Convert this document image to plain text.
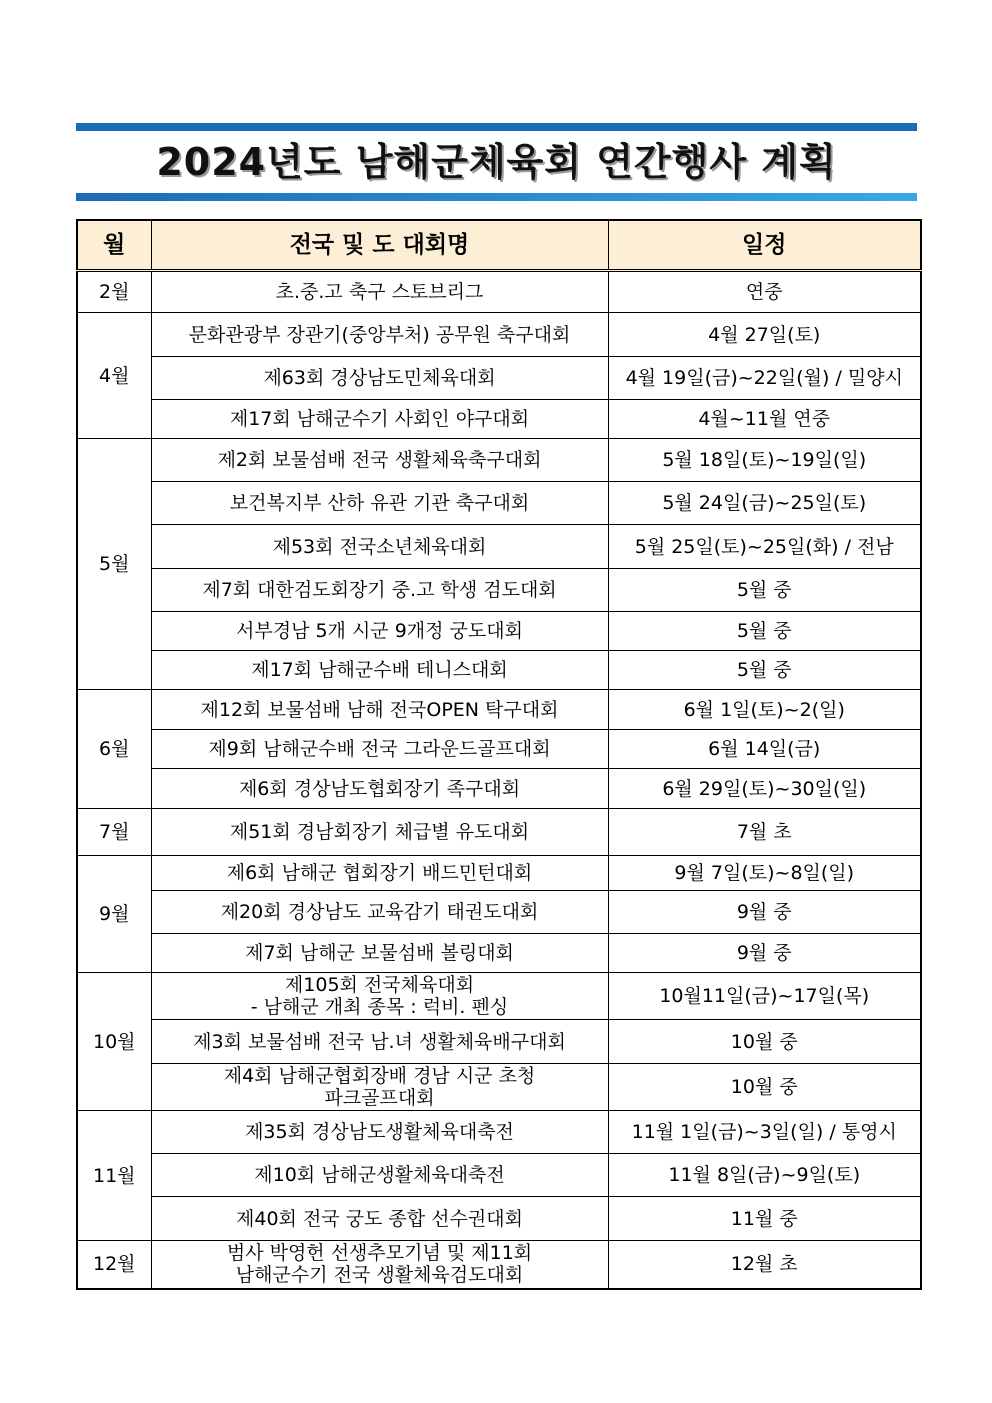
2024년도 남해군체육회 연간행사 계획
월	전국 및 도 대회명	일정
2월	초.중.고 축구 스토브리그	연중
4월	문화관광부 장관기(중앙부처) 공무원 축구대회	4월 27일(토)
	제63회 경상남도민체육대회	4월 19일(금)~22일(월) / 밀양시
	제17회 남해군수기 사회인 야구대회	4월~11월 연중
5월	제2회 보물섬배 전국 생활체육축구대회	5월 18일(토)~19일(일)
	보건복지부 산하 유관 기관 축구대회	5월 24일(금)~25일(토)
	제53회 전국소년체육대회	5월 25일(토)~25일(화) / 전남
	제7회 대한검도회장기 중.고 학생 검도대회	5월 중
	서부경남 5개 시군 9개정 궁도대회	5월 중
	제17회 남해군수배 테니스대회	5월 중
6월	제12회 보물섬배 남해 전국OPEN 탁구대회	6월 1일(토)~2(일)
	제9회 남해군수배 전국 그라운드골프대회	6월 14일(금)
	제6회 경상남도협회장기 족구대회	6월 29일(토)~30일(일)
7월	제51회 경남회장기 체급별 유도대회	7월 초
9월	제6회 남해군 협회장기 배드민턴대회	9월 7일(토)~8일(일)
	제20회 경상남도 교육감기 태권도대회	9월 중
	제7회 남해군 보물섬배 볼링대회	9월 중
10월	제105회 전국체육대회
- 남해군 개최 종목 : 럭비. 펜싱	10월11일(금)~17일(목)
	제3회 보물섬배 전국 남.녀 생활체육배구대회	10월 중

	제4회 남해군협회장배 경남 시군 초청
파크골프대회	10월 중
11월	제35회 경상남도생활체육대축전	11월 1일(금)~3일(일) / 통영시
	제10회 남해군생활체육대축전	11월 8일(금)~9일(토)
	제40회 전국 궁도 종합 선수권대회	11월 중
12월	범사 박영헌 선생추모기념 및 제11회
남해군수기 전국 생활체육검도대회	12월 초
